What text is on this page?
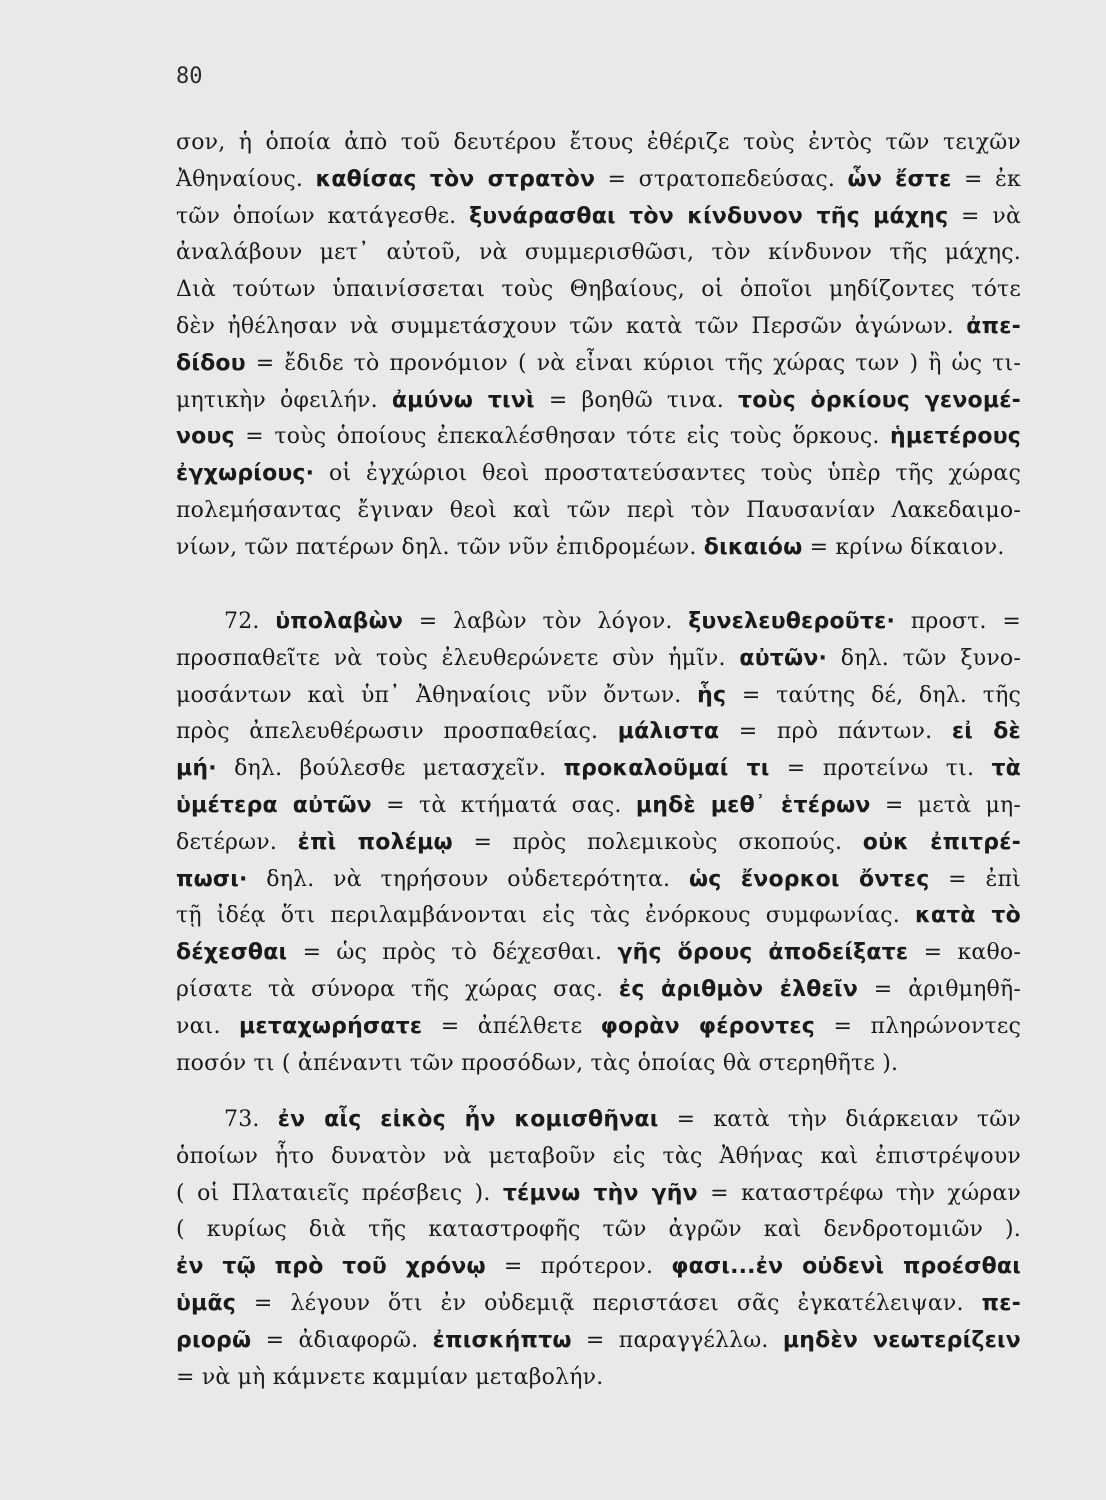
80
σον, ἡ ὁποία ἀπὸ τοῦ δευτέρου ἔτους ἐθέριζε τοὺς ἐντὸς τῶν τειχῶν
Ἀθηναίους. καθίσας τὸν στρατὸν = στρατοπεδεύσας. ὧν ἔστε = ἐκ
τῶν ὁποίων κατάγεσθε. ξυνάρασθαι τὸν κίνδυνον τῆς μάχης = νὰ
ἀναλάβουν μετ᾽ αὐτοῦ, νὰ συμμερισθῶσι, τὸν κίνδυνον τῆς μάχης.
Διὰ τούτων ὑπαινίσσεται τοὺς Θηβαίους, οἱ ὁποῖοι μηδίζοντες τότε
δὲν ἠθέλησαν νὰ συμμετάσχουν τῶν κατὰ τῶν Περσῶν ἀγώνων. ἀπε-
δίδου = ἔδιδε τὸ προνόμιον ( νὰ εἶναι κύριοι τῆς χώρας των ) ἢ ὡς τι-
μητικὴν ὀφειλήν. ἀμύνω τινὶ = βοηθῶ τινα. τοὺς ὁρκίους γενομέ-
νους = τοὺς ὁποίους ἐπεκαλέσθησαν τότε εἰς τοὺς ὅρκους. ἡμετέρους
ἐγχωρίους· οἱ ἐγχώριοι θεοὶ προστατεύσαντες τοὺς ὑπὲρ τῆς χώρας
πολεμήσαντας ἔγιναν θεοὶ καὶ τῶν περὶ τὸν Παυσανίαν Λακεδαιμο-
νίων, τῶν πατέρων δηλ. τῶν νῦν ἐπιδρομέων. δικαιόω = κρίνω δίκαιον.
72. ὑπολαβὼν = λαβὼν τὸν λόγον. ξυνελευθεροῦτε· προστ. =
προσπαθεῖτε νὰ τοὺς ἐλευθερώνετε σὺν ἡμῖν. αὐτῶν· δηλ. τῶν ξυνο-
μοσάντων καὶ ὑπ᾽ Ἀθηναίοις νῦν ὄντων. ἧς = ταύτης δέ, δηλ. τῆς
πρὸς ἀπελευθέρωσιν προσπαθείας. μάλιστα = πρὸ πάντων. εἰ δὲ
μή· δηλ. βούλεσθε μετασχεῖν. προκαλοῦμαί τι = προτείνω τι. τὰ
ὑμέτερα αὐτῶν = τὰ κτήματά σας. μηδὲ μεθ᾽ ἑτέρων = μετὰ μη-
δετέρων. ἐπὶ πολέμῳ = πρὸς πολεμικοὺς σκοπούς. οὐκ ἐπιτρέ-
πωσι· δηλ. νὰ τηρήσουν οὐδετερότητα. ὡς ἔνορκοι ὄντες = ἐπὶ
τῇ ἰδέᾳ ὅτι περιλαμβάνονται εἰς τὰς ἐνόρκους συμφωνίας. κατὰ τὸ
δέχεσθαι = ὡς πρὸς τὸ δέχεσθαι. γῆς ὅρους ἀποδείξατε = καθο-
ρίσατε τὰ σύνορα τῆς χώρας σας. ἐς ἀριθμὸν ἐλθεῖν = ἀριθμηθῆ-
ναι. μεταχωρήσατε = ἀπέλθετε φορὰν φέροντες = πληρώνοντες
ποσόν τι ( ἀπέναντι τῶν προσόδων, τὰς ὁποίας θὰ στερηθῆτε ).
73. ἐν αἷς εἰκὸς ἦν κομισθῆναι = κατὰ τὴν διάρκειαν τῶν
ὁποίων ἦτο δυνατὸν νὰ μεταβοῦν εἰς τὰς Ἀθήνας καὶ ἐπιστρέψουν
( οἱ Πλαταιεῖς πρέσβεις ). τέμνω τὴν γῆν = καταστρέφω τὴν χώραν
( κυρίως διὰ τῆς καταστροφῆς τῶν ἀγρῶν καὶ δενδροτομιῶν ).
ἐν τῷ πρὸ τοῦ χρόνῳ = πρότερον. φασι...ἐν οὐδενὶ προέσθαι
ὑμᾶς = λέγουν ὅτι ἐν οὐδεμιᾷ περιστάσει σᾶς ἐγκατέλειψαν. πε-
ριορῶ = ἀδιαφορῶ. ἐπισκήπτω = παραγγέλλω. μηδὲν νεωτερίζειν
= νὰ μὴ κάμνετε καμμίαν μεταβολήν.
